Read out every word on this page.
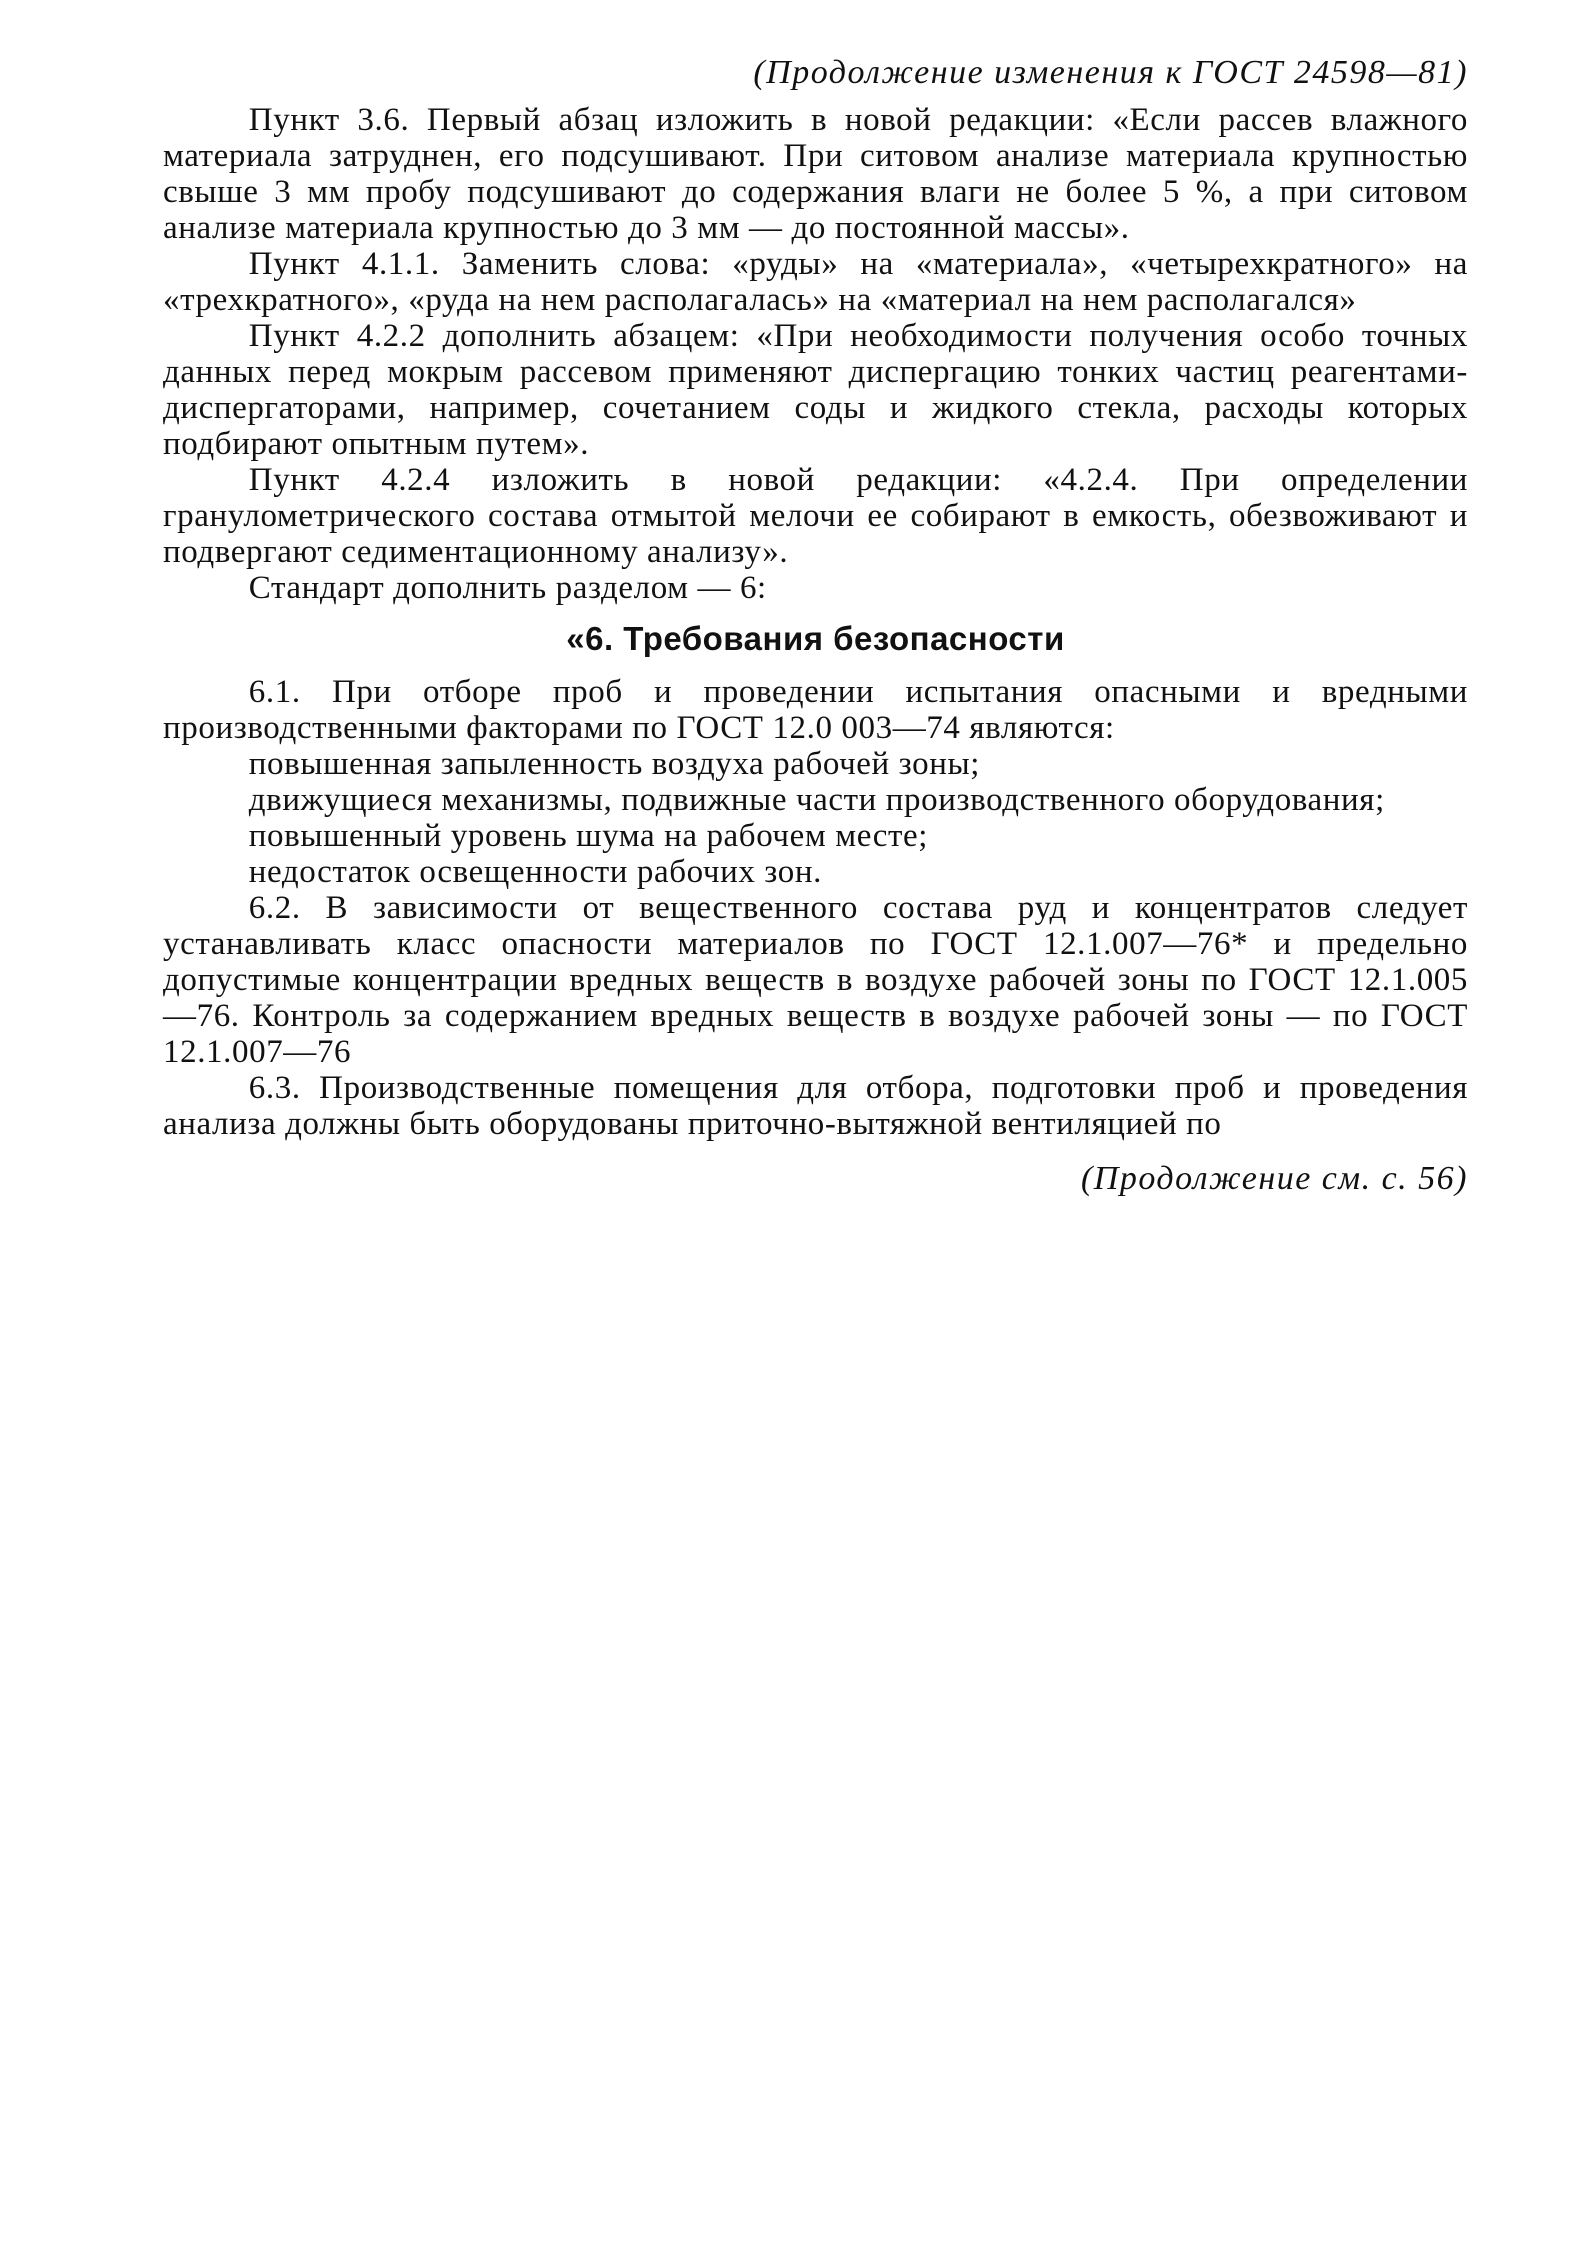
(Продолжение изменения к ГОСТ 24598—81)

Пункт 3.6. Первый абзац изложить в новой редакции: «Если рассев влажного материала затруднен, его подсушивают. При ситовом анализе материала крупностью свыше 3 мм пробу подсушивают до содержания влаги не более 5 %, а при ситовом анализе материала крупностью до 3 мм — до постоянной массы».

Пункт 4.1.1. Заменить слова: «руды» на «материала», «четырехкратного» на «трехкратного», «руда на нем располагалась» на «материал на нем располагался»

Пункт 4.2.2 дополнить абзацем: «При необходимости получения особо точных данных перед мокрым рассевом применяют диспергацию тонких частиц реагентами-диспергаторами, например, сочетанием соды и жидкого стекла, расходы которых подбирают опытным путем».

Пункт 4.2.4 изложить в новой редакции: «4.2.4. При определении гранулометрического состава отмытой мелочи ее собирают в емкость, обезвоживают и подвергают седиментационному анализу».

Стандарт дополнить разделом — 6:

«6. Требования безопасности

6.1. При отборе проб и проведении испытания опасными и вредными производственными факторами по ГОСТ 12.0 003—74 являются:

повышенная запыленность воздуха рабочей зоны;

движущиеся механизмы, подвижные части производственного оборудования;

повышенный уровень шума на рабочем месте;

недостаток освещенности рабочих зон.

6.2. В зависимости от вещественного состава руд и концентратов следует устанавливать класс опасности материалов по ГОСТ 12.1.007—76* и предельно допустимые концентрации вредных веществ в воздухе рабочей зоны по ГОСТ 12.1.005—76. Контроль за содержанием вредных веществ в воздухе рабочей зоны — по ГОСТ 12.1.007—76

6.3. Производственные помещения для отбора, подготовки проб и проведения анализа должны быть оборудованы приточно-вытяжной вентиляцией по

(Продолжение см. с. 56)
